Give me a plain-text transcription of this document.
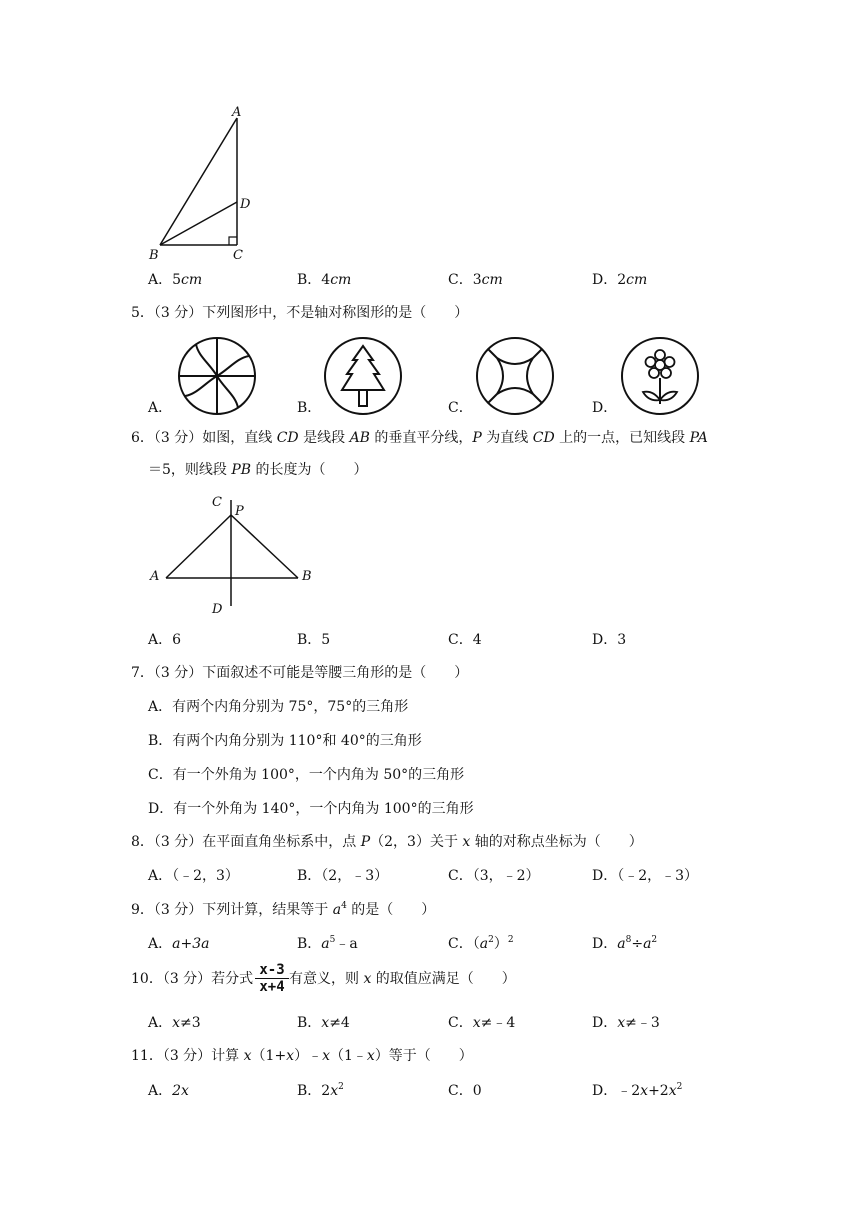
A
D
B	C
A．5cm	B．4cm	C．3cm	D．2cm
5．（3 分）下列图形中，不是轴对称图形的是（　　）
A．	B．	C．	D．
6．（3 分）如图，直线 CD 是线段 AB 的垂直平分线，P 为直线 CD 上的一点，已知线段 PA
＝5，则线段 PB 的长度为（　　）
C
P
A	B
D
A．6	B．5	C．4	D．3
7．（3 分）下面叙述不可能是等腰三角形的是（　　）
A．有两个内角分别为 75°，75°的三角形
B．有两个内角分别为 110°和 40°的三角形
C．有一个外角为 100°，一个内角为 50°的三角形
D．有一个外角为 140°，一个内角为 100°的三角形
8．（3 分）在平面直角坐标系中，点 P（2，3）关于 x 轴的对称点坐标为（　　）
A．（﹣2，3）	B．（2，﹣3）	C．（3，﹣2）	D．（﹣2，﹣3）
9．（3 分）下列计算，结果等于 $a^4$ 的是（　　）
A．a+3a	B．$a^5﹣a$	C．$(a^2)^2$	D．$a^8\div a^2$
10．（3 分）若分式 $\frac{x-3}{x+4}$ 有意义，则 x 的取值应满足（　　）
A．x≠3	B．x≠4	C．x≠﹣4	D．x≠﹣3
11．（3 分）计算 x（1+x）﹣x（1﹣x）等于（　　）
A．2x	B．$2x^2$	C．0	D．$﹣2x+2x^2$
